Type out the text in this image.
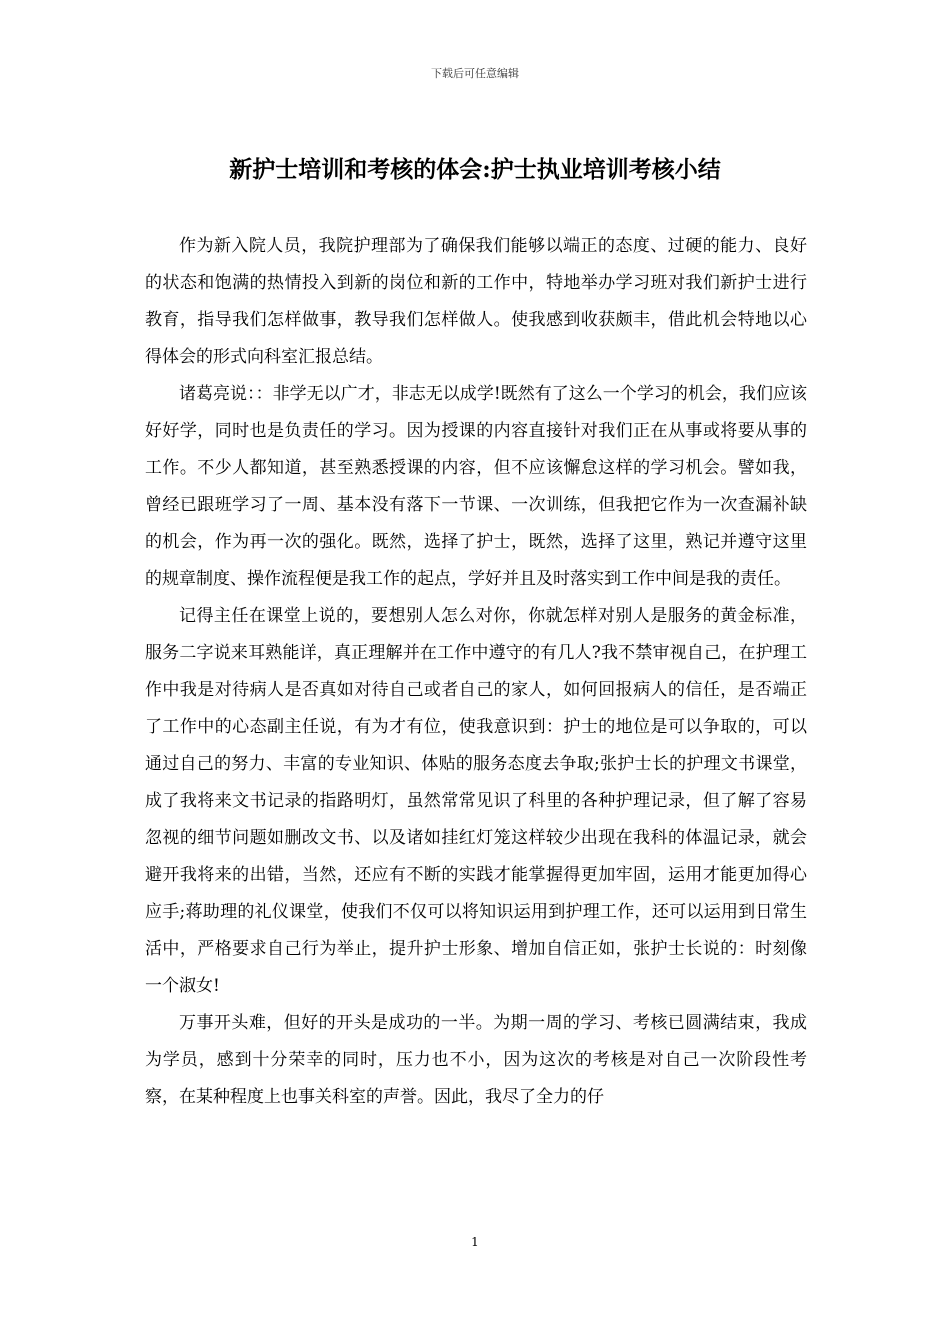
下载后可任意编辑
新护士培训和考核的体会:护士执业培训考核小结

作为新入院人员，我院护理部为了确保我们能够以端正的态度、过硬的能力、良好的状态和饱满的热情投入到新的岗位和新的工作中，特地举办学习班对我们新护士进行教育，指导我们怎样做事，教导我们怎样做人。使我感到收获颇丰，借此机会特地以心得体会的形式向科室汇报总结。

诸葛亮说：：非学无以广才，非志无以成学!既然有了这么一个学习的机会，我们应该好好学，同时也是负责任的学习。因为授课的内容直接针对我们正在从事或将要从事的工作。不少人都知道，甚至熟悉授课的内容，但不应该懈怠这样的学习机会。譬如我，曾经已跟班学习了一周、基本没有落下一节课、一次训练，但我把它作为一次查漏补缺的机会，作为再一次的强化。既然，选择了护士，既然，选择了这里，熟记并遵守这里的规章制度、操作流程便是我工作的起点，学好并且及时落实到工作中间是我的责任。

记得主任在课堂上说的，要想别人怎么对你，你就怎样对别人是服务的黄金标准，服务二字说来耳熟能详，真正理解并在工作中遵守的有几人?我不禁审视自己，在护理工作中我是对待病人是否真如对待自己或者自己的家人，如何回报病人的信任，是否端正了工作中的心态副主任说，有为才有位，使我意识到：护士的地位是可以争取的，可以通过自己的努力、丰富的专业知识、体贴的服务态度去争取;张护士长的护理文书课堂，成了我将来文书记录的指路明灯，虽然常常见识了科里的各种护理记录，但了解了容易忽视的细节问题如删改文书、以及诸如挂红灯笼这样较少出现在我科的体温记录，就会避开我将来的出错，当然，还应有不断的实践才能掌握得更加牢固，运用才能更加得心应手;蒋助理的礼仪课堂，使我们不仅可以将知识运用到护理工作，还可以运用到日常生活中，严格要求自己行为举止，提升护士形象、增加自信正如，张护士长说的：时刻像一个淑女!

万事开头难，但好的开头是成功的一半。为期一周的学习、考核已圆满结束，我成为学员，感到十分荣幸的同时，压力也不小，因为这次的考核是对自己一次阶段性考察，在某种程度上也事关科室的声誉。因此，我尽了全力的仔

1
